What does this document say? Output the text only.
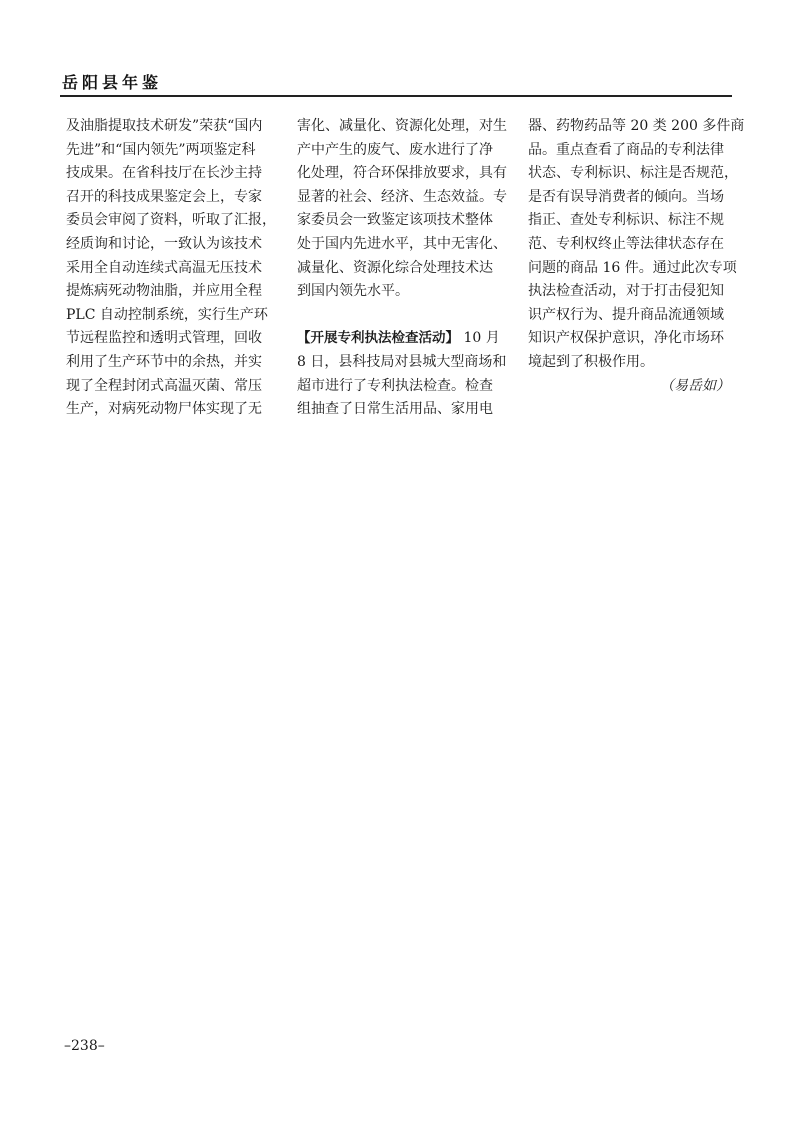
岳阳县年鉴
及油脂提取技术研发”荣获“国内
先进”和“国内领先”两项鉴定科
技成果。在省科技厅在长沙主持
召开的科技成果鉴定会上，专家
委员会审阅了资料，听取了汇报，
经质询和讨论，一致认为该技术
采用全自动连续式高温无压技术
提炼病死动物油脂，并应用全程
PLC 自动控制系统，实行生产环
节远程监控和透明式管理，回收
利用了生产环节中的余热，并实
现了全程封闭式高温灭菌、常压
生产，对病死动物尸体实现了无
害化、减量化、资源化处理，对生
产中产生的废气、废水进行了净
化处理，符合环保排放要求，具有
显著的社会、经济、生态效益。专
家委员会一致鉴定该项技术整体
处于国内先进水平，其中无害化、
减量化、资源化综合处理技术达
到国内领先水平。
【开展专利执法检查活动】 10 月
8 日，县科技局对县城大型商场和
超市进行了专利执法检查。检查
组抽查了日常生活用品、家用电
器、药物药品等 20 类 200 多件商
品。重点查看了商品的专利法律
状态、专利标识、标注是否规范，
是否有误导消费者的倾向。当场
指正、查处专利标识、标注不规
范、专利权终止等法律状态存在
问题的商品 16 件。通过此次专项
执法检查活动，对于打击侵犯知
识产权行为、提升商品流通领域
知识产权保护意识，净化市场环
境起到了积极作用。
（易岳如）
–238–
